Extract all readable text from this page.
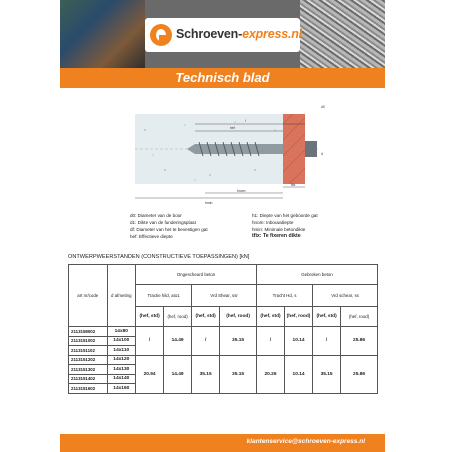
Schroeven-express.nl
Technisch blad
l
hef
tfix
hnom
hmin
d0
d
d0: Diameter van de boor
d1: Dikte van de funderingsplaat
df: Diameter van het te bevestigen gat
hef: Effectieve diepte
h1: Diepte van het geboorde gat
hnom: Inbouwdiepte
hmin: Minimale betondikte
tfix: Te fixeren dikte
ONTWERPWEERSTANDEN (CONSTRUCTIEVE TOEPASSINGEN) [kN]
art nr/code	d afmeting	Ongescheurd beton				Gebroken beton			
		Tractie hild, ato1		Vrd Shear, ssr		Tracht Hd, s		Vrd schear, ss	
		(hef, std)	(hef, rood)	(hef, std)	(hef, rood)	(hef, std)	(hef, rood)	(hef, std)	(hef, rood)
2113158002	14x80	/	14.49	/	35.15	/	10.14	/	25.86
2113151002	14x100								
2113151102	14x110								
2113151202	14x120	20.94	14.49	35.15	35.15	20.26	10.14	35.15	25.86
2113151302	14x130								
2113151402	14x140								
2113151602	14x160								
klantenservice@schroeven-express.nl
